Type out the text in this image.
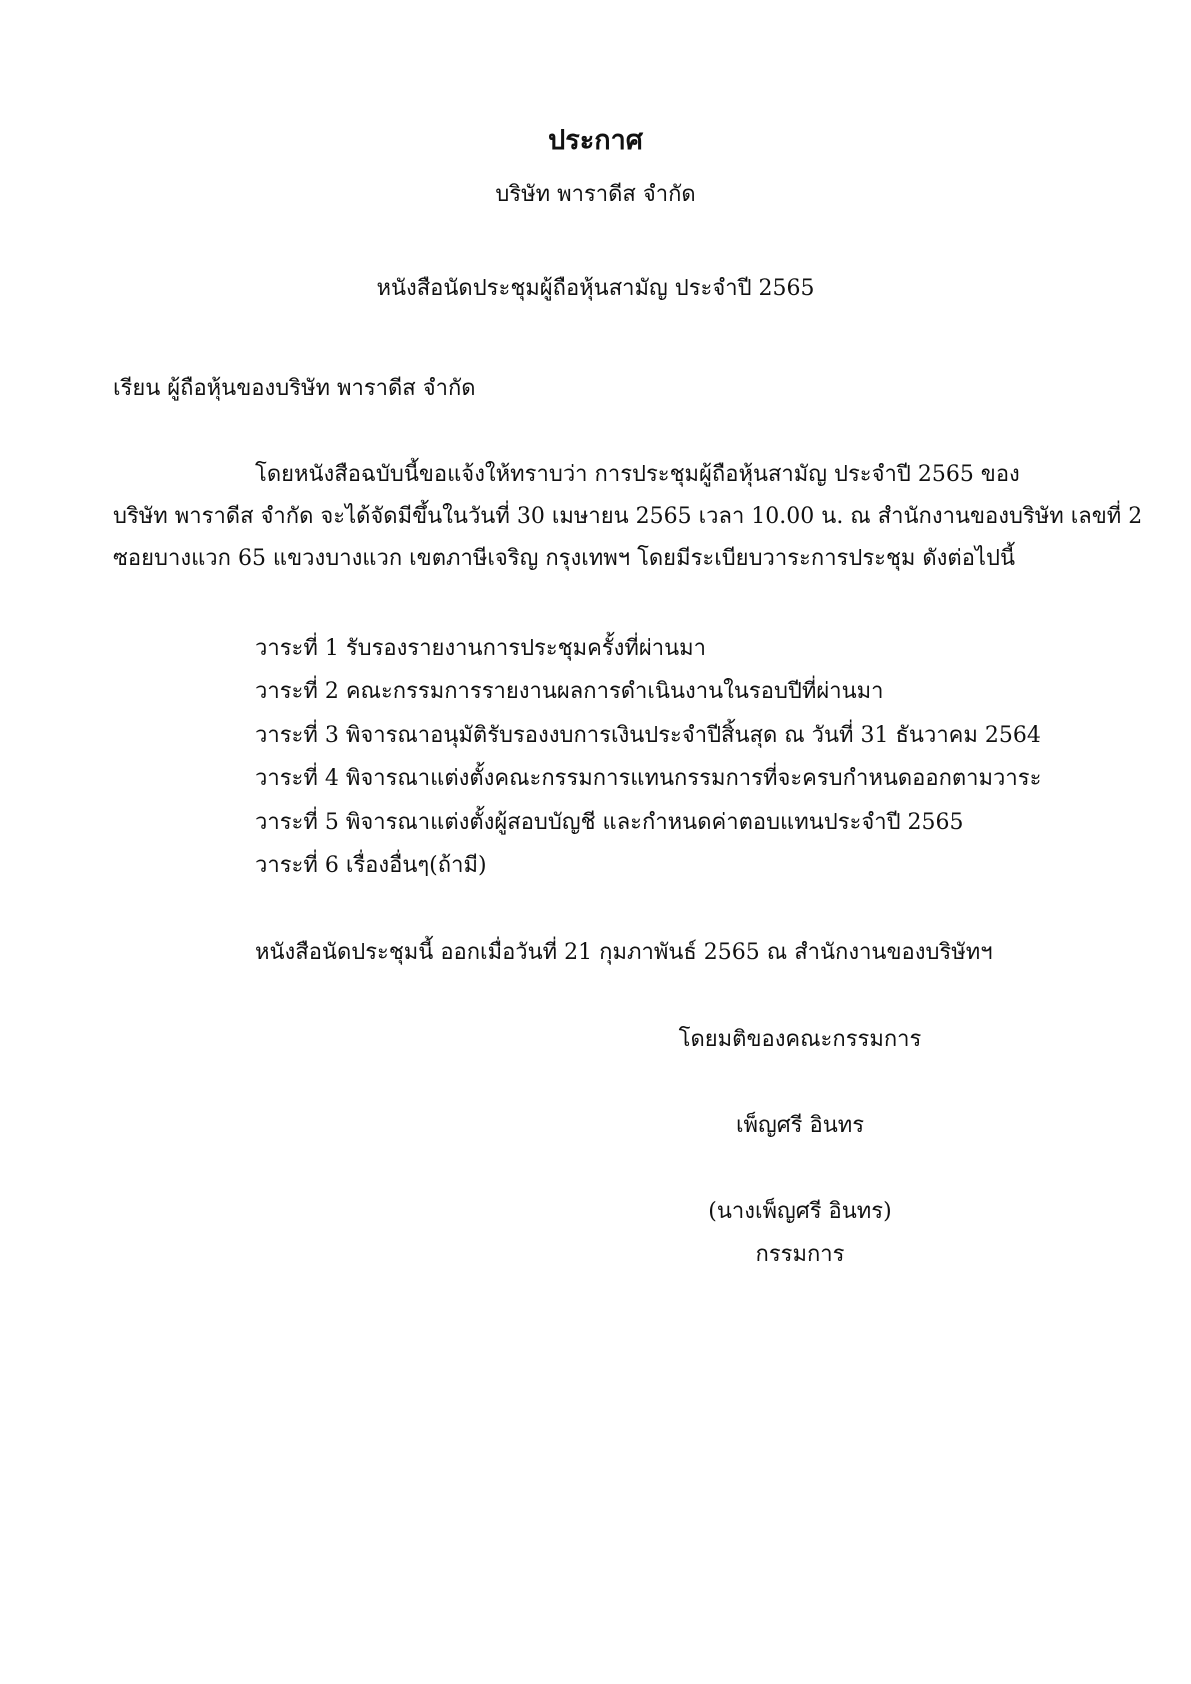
ประกาศ
บริษัท พาราดีส จำกัด
หนังสือนัดประชุมผู้ถือหุ้นสามัญ ประจำปี 2565
เรียน ผู้ถือหุ้นของบริษัท พาราดีส จำกัด
โดยหนังสือฉบับนี้ขอแจ้งให้ทราบว่า การประชุมผู้ถือหุ้นสามัญ ประจำปี 2565 ของ
บริษัท พาราดีส จำกัด จะได้จัดมีขึ้นในวันที่ 30 เมษายน 2565 เวลา 10.00 น. ณ สำนักงานของบริษัท เลขที่ 2
ซอยบางแวก 65 แขวงบางแวก เขตภาษีเจริญ กรุงเทพฯ โดยมีระเบียบวาระการประชุม ดังต่อไปนี้
วาระที่ 1 รับรองรายงานการประชุมครั้งที่ผ่านมา
วาระที่ 2 คณะกรรมการรายงานผลการดำเนินงานในรอบปีที่ผ่านมา
วาระที่ 3 พิจารณาอนุมัติรับรองงบการเงินประจำปีสิ้นสุด ณ วันที่ 31 ธันวาคม 2564
วาระที่ 4 พิจารณาแต่งตั้งคณะกรรมการแทนกรรมการที่จะครบกำหนดออกตามวาระ
วาระที่ 5 พิจารณาแต่งตั้งผู้สอบบัญชี และกำหนดค่าตอบแทนประจำปี 2565
วาระที่ 6 เรื่องอื่นๆ(ถ้ามี)
หนังสือนัดประชุมนี้ ออกเมื่อวันที่ 21 กุมภาพันธ์ 2565 ณ สำนักงานของบริษัทฯ
โดยมติของคณะกรรมการ
เพ็ญศรี อินทร
(นางเพ็ญศรี อินทร)
กรรมการ
